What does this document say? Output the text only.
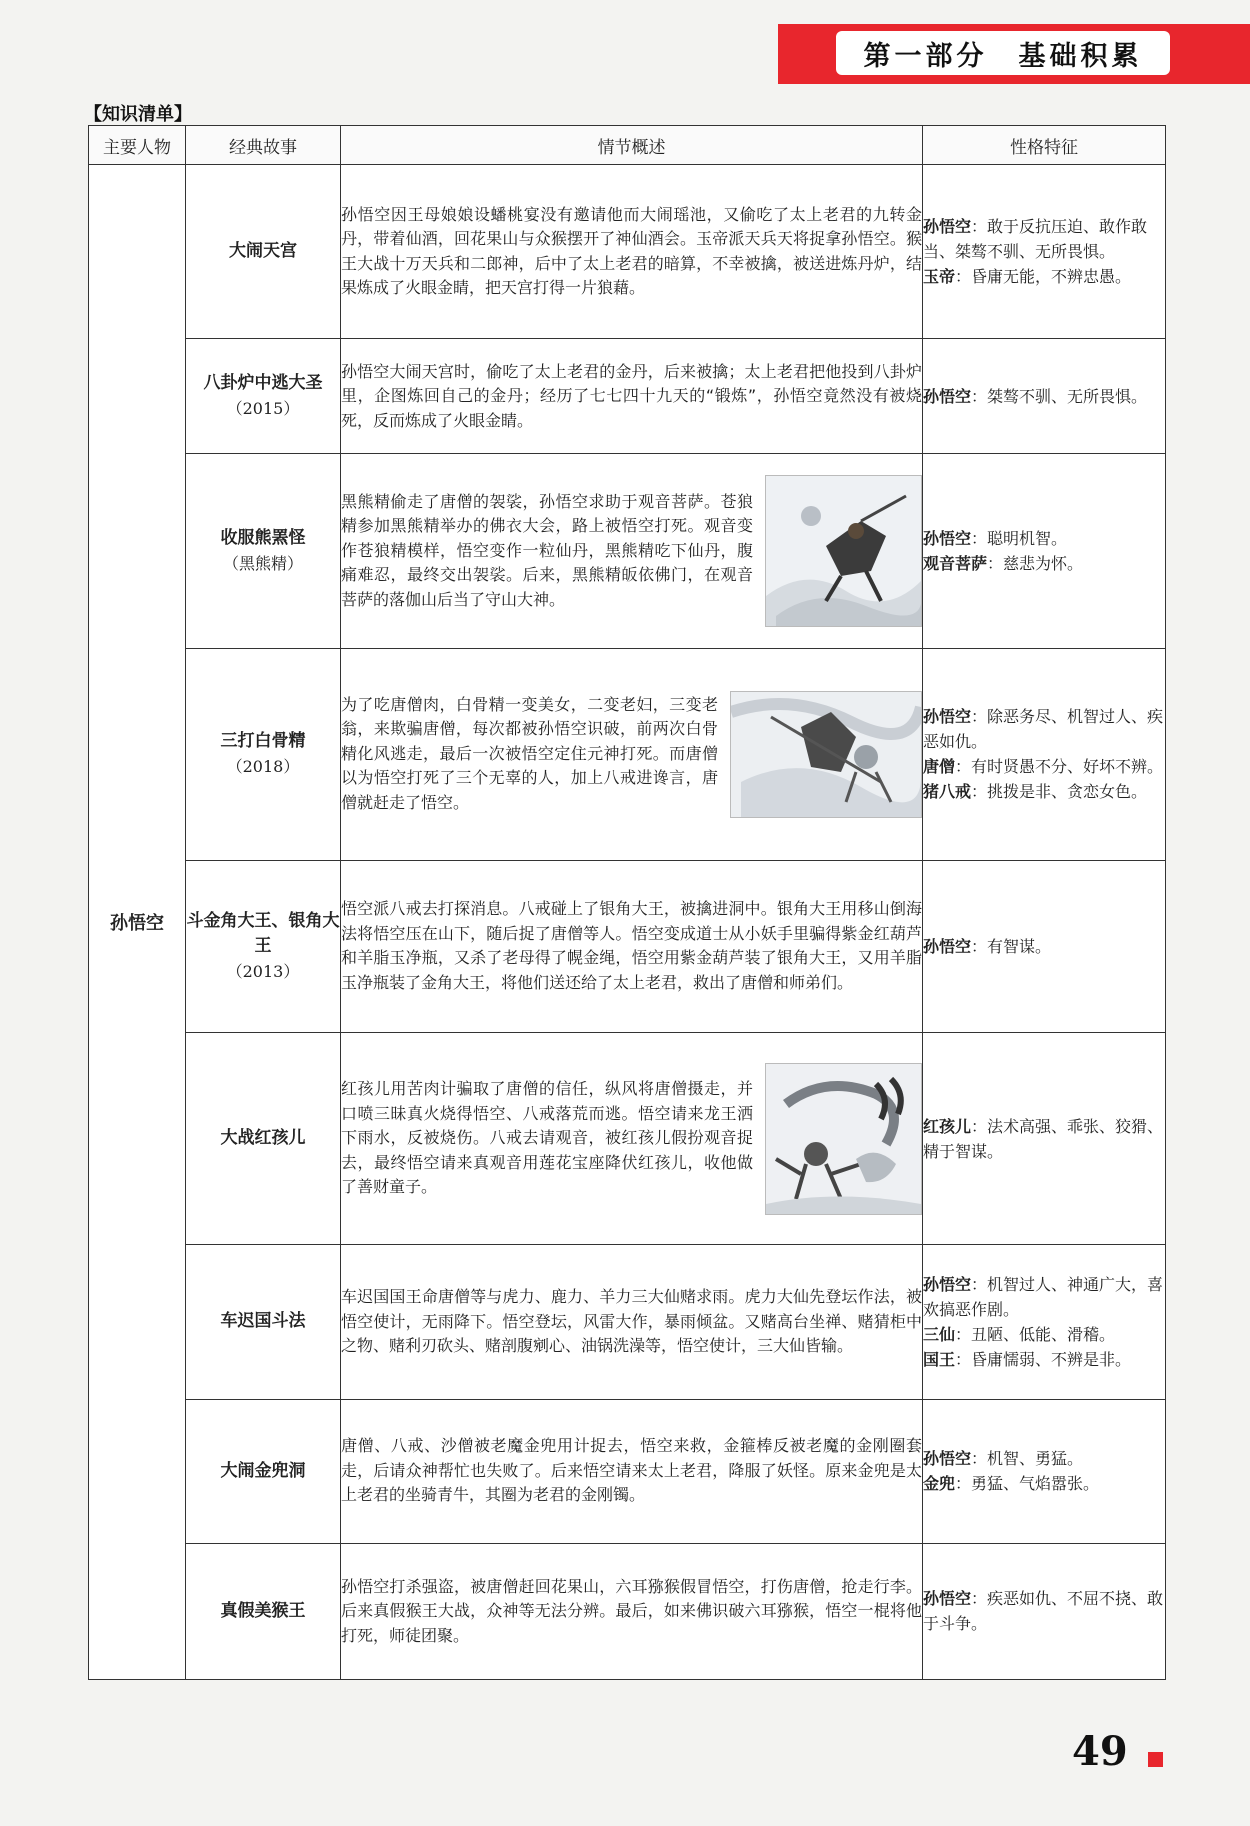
第一部分　基础积累
【知识清单】
主要人物	经典故事	情节概述	性格特征
孙悟空	大闹天宫	孙悟空因王母娘娘设蟠桃宴没有邀请他而大闹瑶池，又偷吃了太上老君的九转金丹，带着仙酒，回花果山与众猴摆开了神仙酒会。玉帝派天兵天将捉拿孙悟空。猴王大战十万天兵和二郎神，后中了太上老君的暗算，不幸被擒，被送进炼丹炉，结果炼成了火眼金睛，把天宫打得一片狼藉。	孙悟空：敢于反抗压迫、敢作敢当、桀骜不驯、无所畏惧。
玉帝：昏庸无能，不辨忠愚。

	八卦炉中逃大圣
（2015）	孙悟空大闹天宫时，偷吃了太上老君的金丹，后来被擒；太上老君把他投到八卦炉里，企图炼回自己的金丹；经历了七七四十九天的“锻炼”，孙悟空竟然没有被烧死，反而炼成了火眼金睛。	孙悟空：桀骜不驯、无所畏惧。

	收服熊罴怪
（黑熊精）	黑熊精偷走了唐僧的袈裟，孙悟空求助于观音菩萨。苍狼精参加黑熊精举办的佛衣大会，路上被悟空打死。观音变作苍狼精模样，悟空变作一粒仙丹，黑熊精吃下仙丹，腹痛难忍，最终交出袈裟。后来，黑熊精皈依佛门，在观音菩萨的落伽山后当了守山大神。	孙悟空：聪明机智。
观音菩萨：慈悲为怀。

	三打白骨精
（2018）	为了吃唐僧肉，白骨精一变美女，二变老妇，三变老翁，来欺骗唐僧，每次都被孙悟空识破，前两次白骨精化风逃走，最后一次被悟空定住元神打死。而唐僧以为悟空打死了三个无辜的人，加上八戒进谗言，唐僧就赶走了悟空。	孙悟空：除恶务尽、机智过人、疾恶如仇。
唐僧：有时贤愚不分、好坏不辨。
猪八戒：挑拨是非、贪恋女色。

	斗金角大王、银角大王
（2013）	悟空派八戒去打探消息。八戒碰上了银角大王，被擒进洞中。银角大王用移山倒海法将悟空压在山下，随后捉了唐僧等人。悟空变成道士从小妖手里骗得紫金红葫芦和羊脂玉净瓶，又杀了老母得了幌金绳，悟空用紫金葫芦装了银角大王，又用羊脂玉净瓶装了金角大王，将他们送还给了太上老君，救出了唐僧和师弟们。	孙悟空：有智谋。

	大战红孩儿	红孩儿用苦肉计骗取了唐僧的信任，纵风将唐僧摄走，并口喷三昧真火烧得悟空、八戒落荒而逃。悟空请来龙王洒下雨水，反被烧伤。八戒去请观音，被红孩儿假扮观音捉去，最终悟空请来真观音用莲花宝座降伏红孩儿，收他做了善财童子。	红孩儿：法术高强、乖张、狡猾、精于智谋。

	车迟国斗法	车迟国国王命唐僧等与虎力、鹿力、羊力三大仙赌求雨。虎力大仙先登坛作法，被悟空使计，无雨降下。悟空登坛，风雷大作，暴雨倾盆。又赌高台坐禅、赌猜柜中之物、赌利刃砍头、赌剖腹剜心、油锅洗澡等，悟空使计，三大仙皆输。	孙悟空：机智过人、神通广大，喜欢搞恶作剧。
三仙：丑陋、低能、滑稽。
国王：昏庸懦弱、不辨是非。

	大闹金兜洞	唐僧、八戒、沙僧被老魔金兜用计捉去，悟空来救，金箍棒反被老魔的金刚圈套走，后请众神帮忙也失败了。后来悟空请来太上老君，降服了妖怪。原来金兜是太上老君的坐骑青牛，其圈为老君的金刚镯。	孙悟空：机智、勇猛。
金兜：勇猛、气焰嚣张。

	真假美猴王	孙悟空打杀强盗，被唐僧赶回花果山，六耳猕猴假冒悟空，打伤唐僧，抢走行李。后来真假猴王大战，众神等无法分辨。最后，如来佛识破六耳猕猴，悟空一棍将他打死，师徒团聚。	孙悟空：疾恶如仇、不屈不挠、敢于斗争。
49
